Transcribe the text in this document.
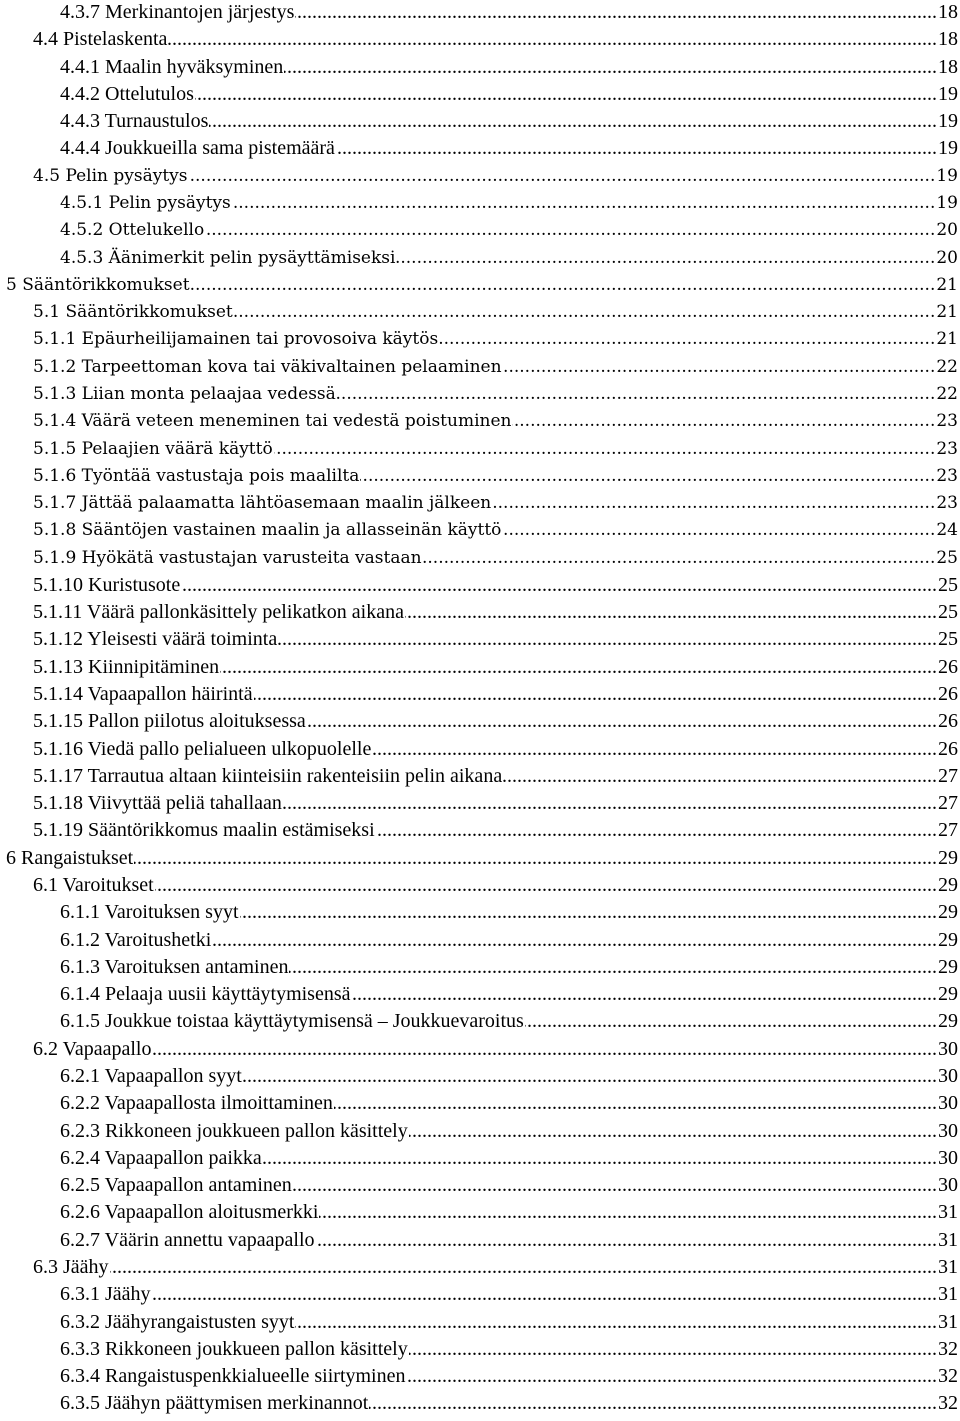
4.3.7 Merkinantojen järjestys .....	18
4.4 Pistelaskenta .....	18
4.4.1 Maalin hyväksyminen .....	18
4.4.2 Ottelutulos .....	19
4.4.3 Turnaustulos .....	19
4.4.4 Joukkueilla sama pistemäärä .....	19
4.5 Pelin pysäytys .....	19
4.5.1 Pelin pysäytys .....	19
4.5.2 Ottelukello .....	20
4.5.3 Äänimerkit pelin pysäyttämiseksi .....	20
5 Sääntörikkomukset .....	21
5.1 Sääntörikkomukset .....	21
5.1.1 Epäurheilijamainen tai provosoiva käytös .....	21
5.1.2 Tarpeettoman kova tai väkivaltainen pelaaminen .....	22
5.1.3 Liian monta pelaajaa vedessä .....	22
5.1.4 Väärä veteen meneminen tai vedestä poistuminen .....	23
5.1.5 Pelaajien väärä käyttö .....	23
5.1.6 Työntää vastustaja pois maalilta .....	23
5.1.7 Jättää palaamatta lähtöasemaan maalin jälkeen .....	23
5.1.8 Sääntöjen vastainen maalin ja allasseinän käyttö .....	24
5.1.9 Hyökätä vastustajan varusteita vastaan .....	25
5.1.10 Kuristusote .....	25
5.1.11 Väärä pallonkäsittely pelikatkon aikana .....	25
5.1.12 Yleisesti väärä toiminta .....	25
5.1.13 Kiinnipitäminen .....	26
5.1.14 Vapaapallon häirintä .....	26
5.1.15 Pallon piilotus aloituksessa .....	26
5.1.16 Viedä pallo pelialueen ulkopuolelle .....	26
5.1.17 Tarrautua altaan kiinteisiin rakenteisiin pelin aikana .....	27
5.1.18 Viivyttää peliä tahallaan .....	27
5.1.19 Sääntörikkomus maalin estämiseksi .....	27
6 Rangaistukset .....	29
6.1 Varoitukset .....	29
6.1.1 Varoituksen syyt .....	29
6.1.2 Varoitushetki .....	29
6.1.3 Varoituksen antaminen .....	29
6.1.4 Pelaaja uusii käyttäytymisensä .....	29
6.1.5 Joukkue toistaa käyttäytymisensä – Joukkuevaroitus .....	29
6.2 Vapaapallo .....	30
6.2.1 Vapaapallon syyt .....	30
6.2.2 Vapaapallosta ilmoittaminen .....	30
6.2.3 Rikkoneen joukkueen pallon käsittely .....	30
6.2.4 Vapaapallon paikka .....	30
6.2.5 Vapaapallon antaminen .....	30
6.2.6 Vapaapallon aloitusmerkki .....	31
6.2.7 Väärin annettu vapaapallo .....	31
6.3 Jäähy .....	31
6.3.1 Jäähy .....	31
6.3.2 Jäähyrangaistusten syyt .....	31
6.3.3 Rikkoneen joukkueen pallon käsittely .....	32
6.3.4 Rangaistuspenkkialueelle siirtyminen .....	32
6.3.5 Jäähyn päättymisen merkinannot .....	32
